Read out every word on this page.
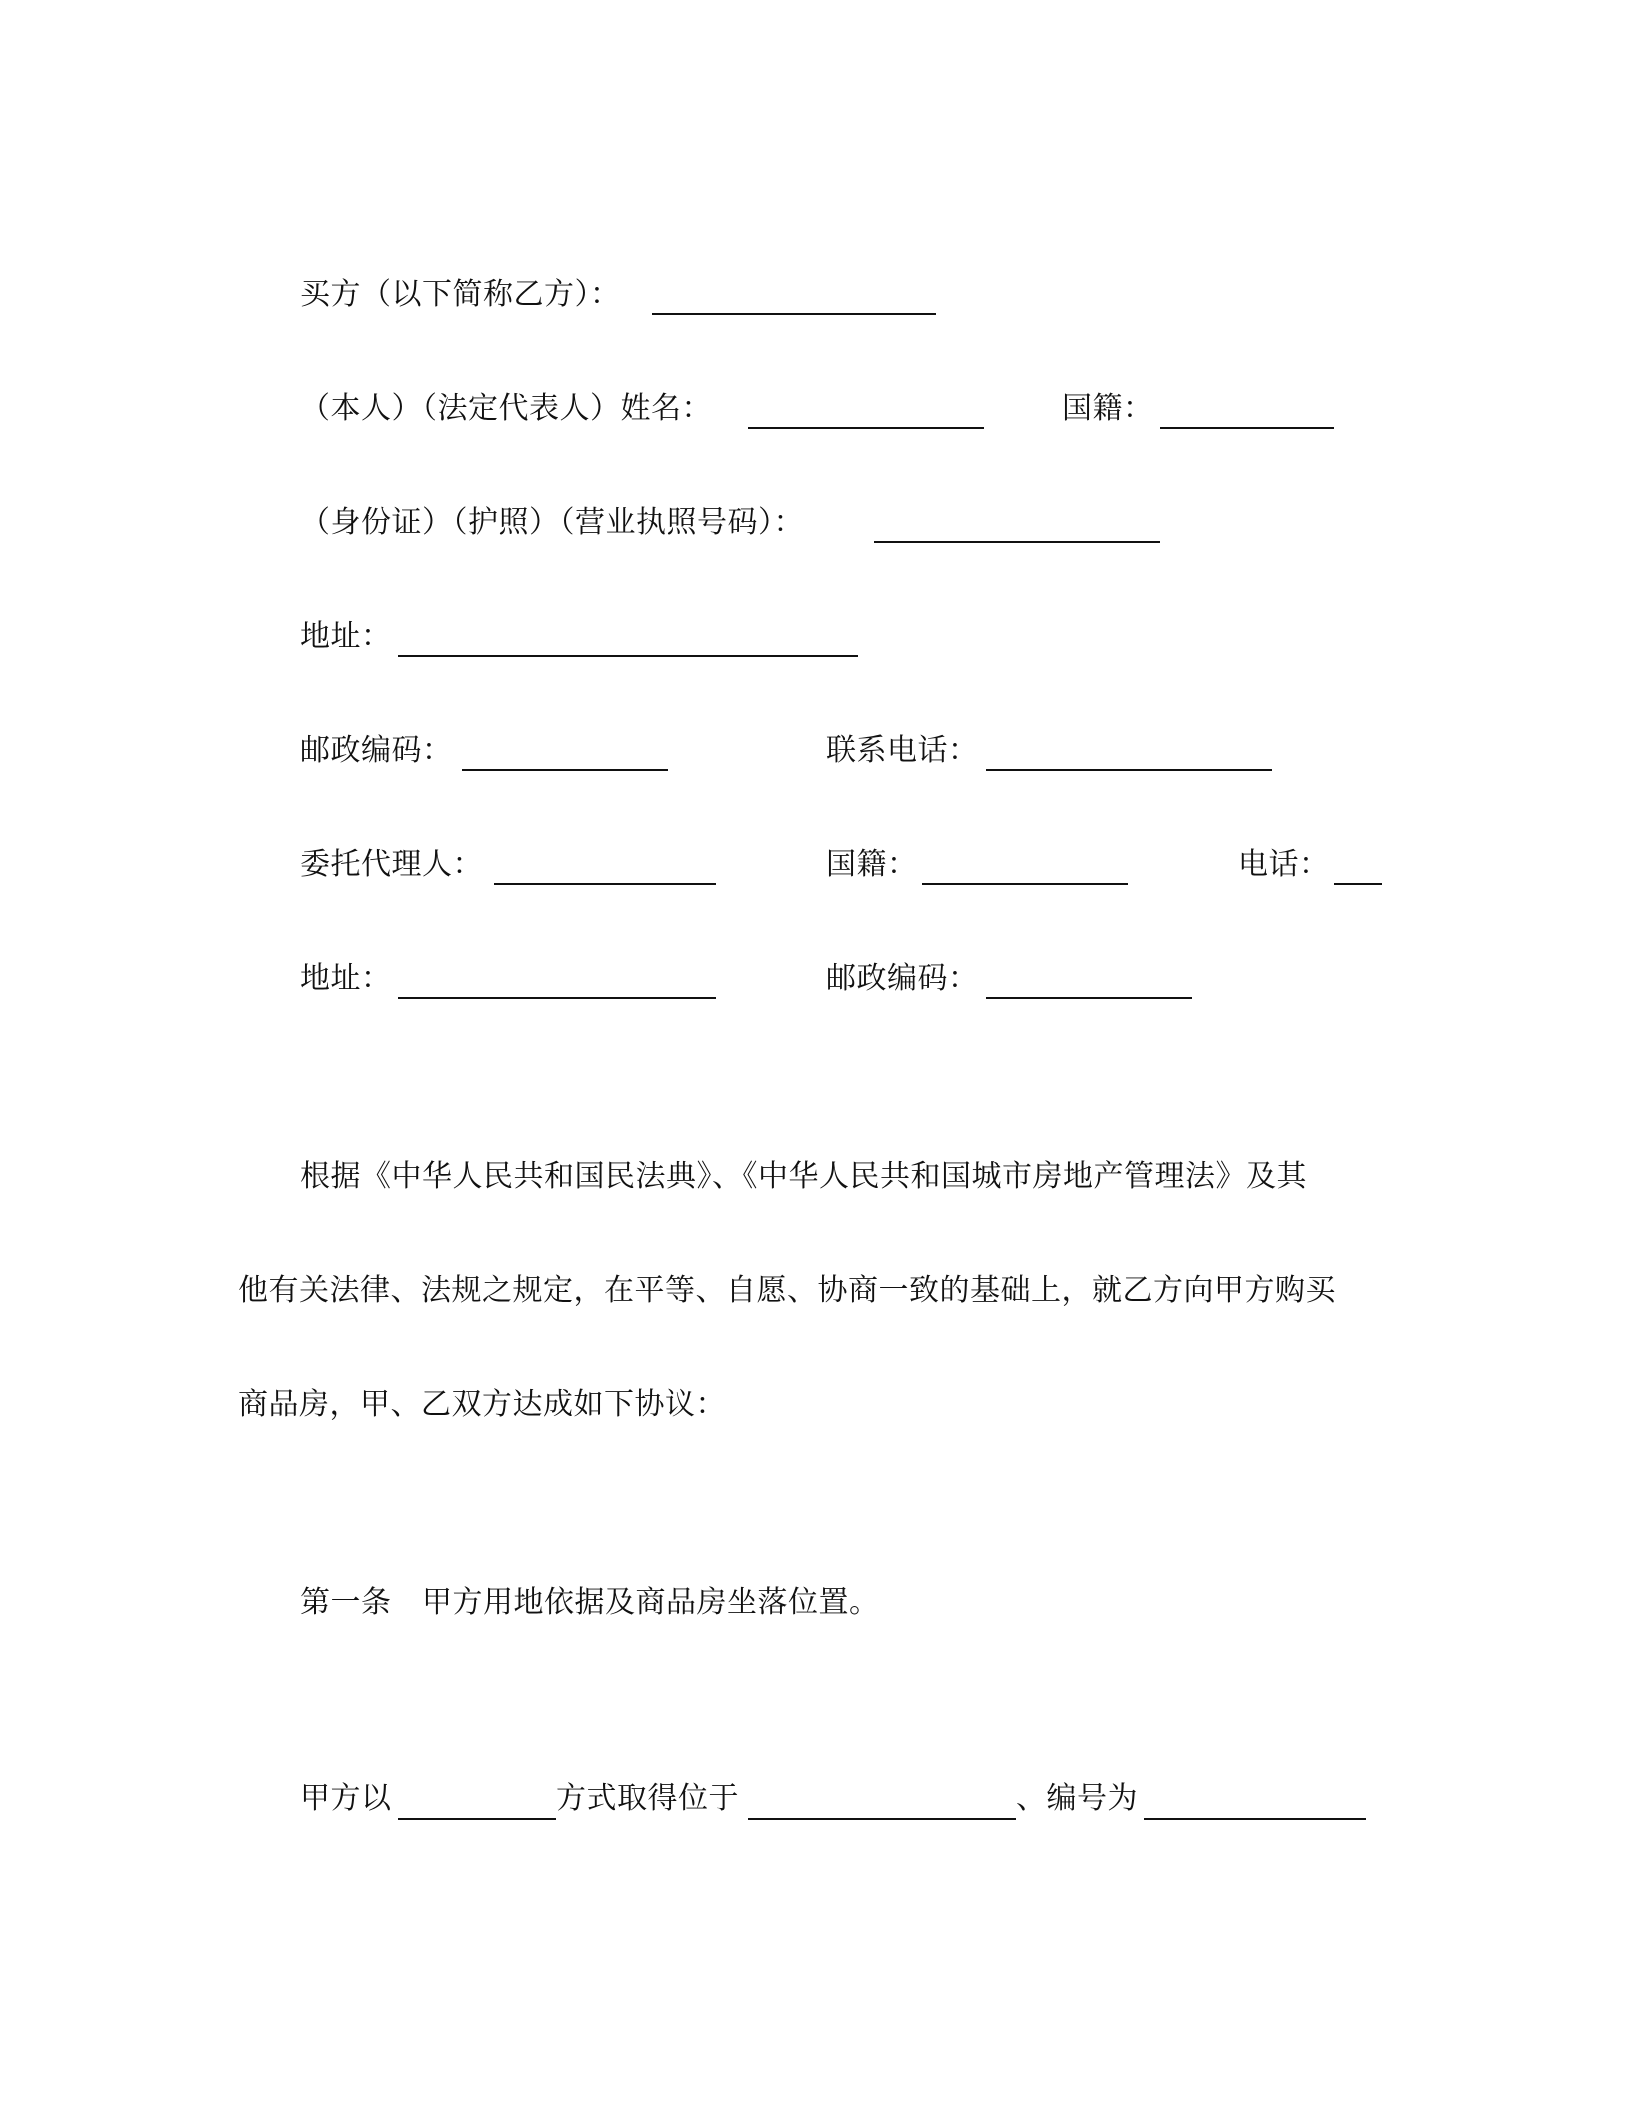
买方（以下简称乙方）：
（本人）（法定代表人）姓名：	国籍：
（身份证）（护照）（营业执照号码）：
地址：
邮政编码：	联系电话：
委托代理人：	国籍：	电话：
地址：	邮政编码：
根据《中华人民共和国民法典》、《中华人民共和国城市房地产管理法》及其
他有关法律、法规之规定，在平等、自愿、协商一致的基础上，就乙方向甲方购买
商品房，甲、乙双方达成如下协议：
第一条　甲方用地依据及商品房坐落位置。
甲方以	方式取得位于	、编号为
